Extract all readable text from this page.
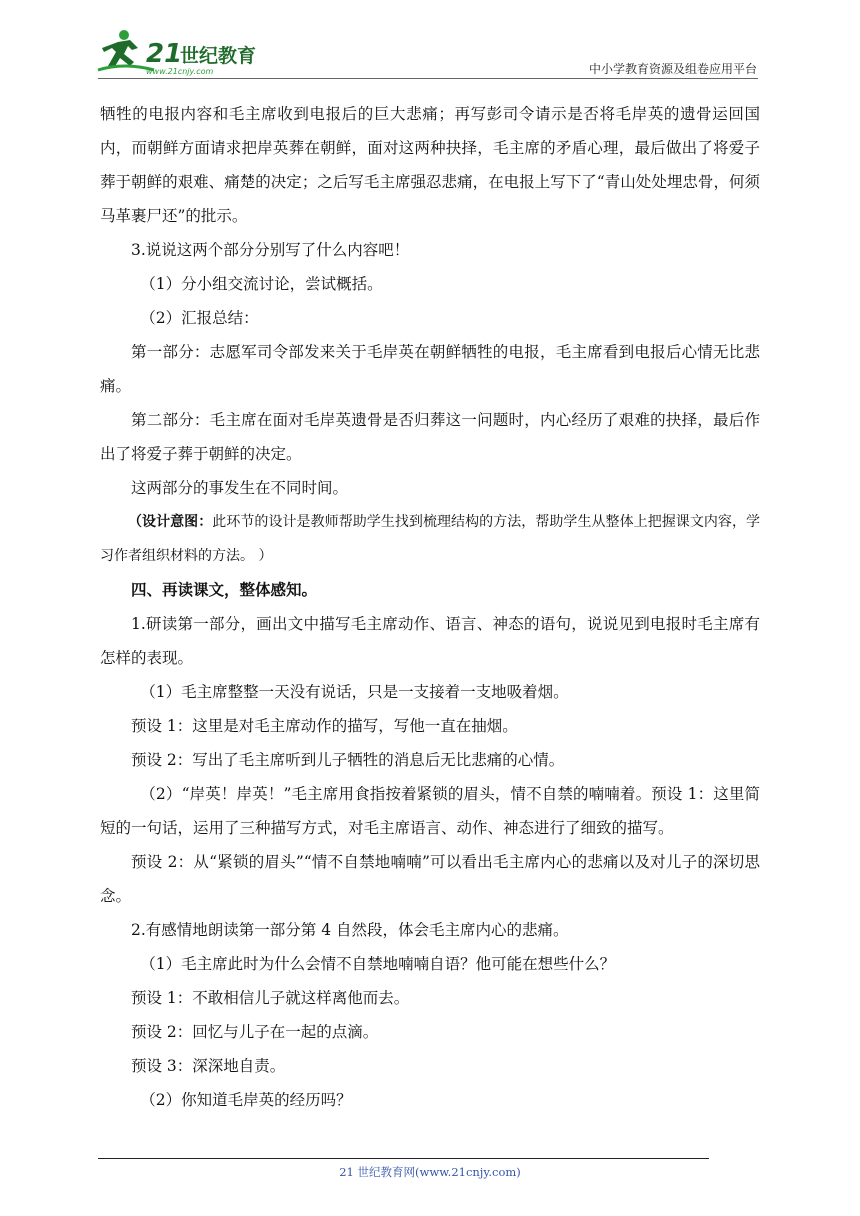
21
世纪教育
www.21cnjy.com	中小学教育资源及组卷应用平台

牺牲的电报内容和毛主席收到电报后的巨大悲痛；再写彭司令请示是否将毛岸英的遗骨运回国内，而朝鲜方面请求把岸英葬在朝鲜，面对这两种抉择，毛主席的矛盾心理，最后做出了将爱子葬于朝鲜的艰难、痛楚的决定；之后写毛主席强忍悲痛，在电报上写下了“青山处处埋忠骨，何须马革裹尸还”的批示。

3.说说这两个部分分别写了什么内容吧！

（1）分小组交流讨论，尝试概括。

（2）汇报总结：

第一部分：志愿军司令部发来关于毛岸英在朝鲜牺牲的电报，毛主席看到电报后心情无比悲痛。

第二部分：毛主席在面对毛岸英遗骨是否归葬这一问题时，内心经历了艰难的抉择，最后作出了将爱子葬于朝鲜的决定。

这两部分的事发生在不同时间。

（设计意图：此环节的设计是教师帮助学生找到梳理结构的方法，帮助学生从整体上把握课文内容，学习作者组织材料的方法。 ）

四、再读课文，整体感知。

1.研读第一部分，画出文中描写毛主席动作、语言、神态的语句，说说见到电报时毛主席有怎样的表现。

（1）毛主席整整一天没有说话，只是一支接着一支地吸着烟。

预设 1：这里是对毛主席动作的描写，写他一直在抽烟。

预设 2：写出了毛主席听到儿子牺牲的消息后无比悲痛的心情。

（2）“岸英！岸英！”毛主席用食指按着紧锁的眉头，情不自禁的喃喃着。预设 1：这里简短的一句话，运用了三种描写方式，对毛主席语言、动作、神态进行了细致的描写。

预设 2：从“紧锁的眉头”“情不自禁地喃喃”可以看出毛主席内心的悲痛以及对儿子的深切思念。

2.有感情地朗读第一部分第 4 自然段，体会毛主席内心的悲痛。

（1）毛主席此时为什么会情不自禁地喃喃自语？他可能在想些什么？

预设 1：不敢相信儿子就这样离他而去。

预设 2：回忆与儿子在一起的点滴。

预设 3：深深地自责。

（2）你知道毛岸英的经历吗？

21 世纪教育网(www.21cnjy.com)
